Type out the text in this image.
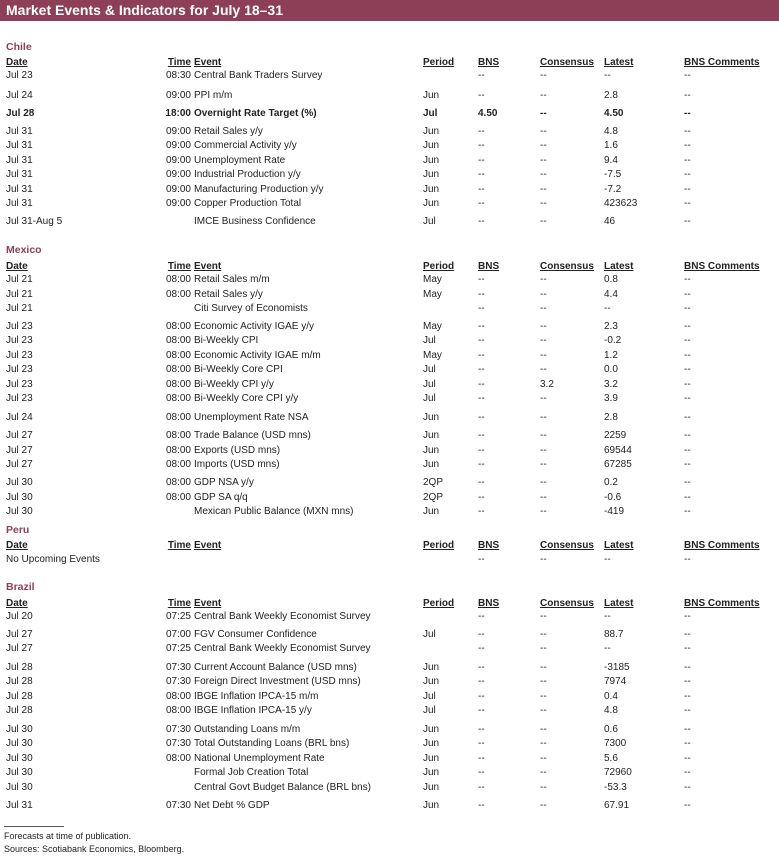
Market Events & Indicators for July 18–31
Chile
Date	Time Event	Period BNS	Consensus Latest	BNS Comments
Jul 23	08:30 Central Bank Traders Survey	--	--	--	--
Jul 24	09:00 PPI m/m	Jun	--	--	2.8	--
Jul 28	18:00 Overnight Rate Target (%)	Jul	4.50	--	4.50	--
Jul 31	09:00 Retail Sales y/y	Jun	--	--	4.8	--
Jul 31	09:00 Commercial Activity y/y	Jun	--	--	1.6	--
Jul 31	09:00 Unemployment Rate	Jun	--	--	9.4	--
Jul 31	09:00 Industrial Production y/y	Jun	--	--	-7.5	--
Jul 31	09:00 Manufacturing Production y/y	Jun	--	--	-7.2	--
Jul 31	09:00 Copper Production Total	Jun	--	--	423623	--
Jul 31-Aug 5	IMCE Business Confidence	Jul	--	--	46	--
Mexico
Date	Time Event	Period BNS	Consensus Latest	BNS Comments
Jul 21	08:00 Retail Sales m/m	May	--	--	0.8	--
Jul 21	08:00 Retail Sales y/y	May	--	--	4.4	--
Jul 21	Citi Survey of Economists	--	--	--	--
Jul 23	08:00 Economic Activity IGAE y/y	May	--	--	2.3	--
Jul 23	08:00 Bi-Weekly CPI	Jul	--	--	-0.2	--
Jul 23	08:00 Economic Activity IGAE m/m	May	--	--	1.2	--
Jul 23	08:00 Bi-Weekly Core CPI	Jul	--	--	0.0	--
Jul 23	08:00 Bi-Weekly CPI y/y	Jul	--	3.2	3.2	--
Jul 23	08:00 Bi-Weekly Core CPI y/y	Jul	--	--	3.9	--
Jul 24	08:00 Unemployment Rate NSA	Jun	--	--	2.8	--
Jul 27	08:00 Trade Balance (USD mns)	Jun	--	--	2259	--
Jul 27	08:00 Exports (USD mns)	Jun	--	--	69544	--
Jul 27	08:00 Imports (USD mns)	Jun	--	--	67285	--
Jul 30	08:00 GDP NSA y/y	2QP	--	--	0.2	--
Jul 30	08:00 GDP SA q/q	2QP	--	--	-0.6	--
Jul 30	Mexican Public Balance (MXN mns)	Jun	--	--	-419	--
Peru
Date	Time Event	Period BNS	Consensus Latest	BNS Comments
No Upcoming Events	--	--	--	--
Brazil
Date	Time Event	Period BNS	Consensus Latest	BNS Comments
Jul 20	07:25 Central Bank Weekly Economist Survey	--	--	--	--
Jul 27	07:00 FGV Consumer Confidence	Jul	--	--	88.7	--
Jul 27	07:25 Central Bank Weekly Economist Survey	--	--	--	--
Jul 28	07:30 Current Account Balance (USD mns)	Jun	--	--	-3185	--
Jul 28	07:30 Foreign Direct Investment (USD mns)	Jun	--	--	7974	--
Jul 28	08:00 IBGE Inflation IPCA-15 m/m	Jul	--	--	0.4	--
Jul 28	08:00 IBGE Inflation IPCA-15 y/y	Jul	--	--	4.8	--
Jul 30	07:30 Outstanding Loans m/m	Jun	--	--	0.6	--
Jul 30	07:30 Total Outstanding Loans (BRL bns)	Jun	--	--	7300	--
Jul 30	08:00 National Unemployment Rate	Jun	--	--	5.6	--
Jul 30	Formal Job Creation Total	Jun	--	--	72960	--
Jul 30	Central Govt Budget Balance (BRL bns)	Jun	--	--	-53.3	--
Jul 31	07:30 Net Debt % GDP	Jun	--	--	67.91	--
Forecasts at time of publication.
Sources: Scotiabank Economics, Bloomberg.
